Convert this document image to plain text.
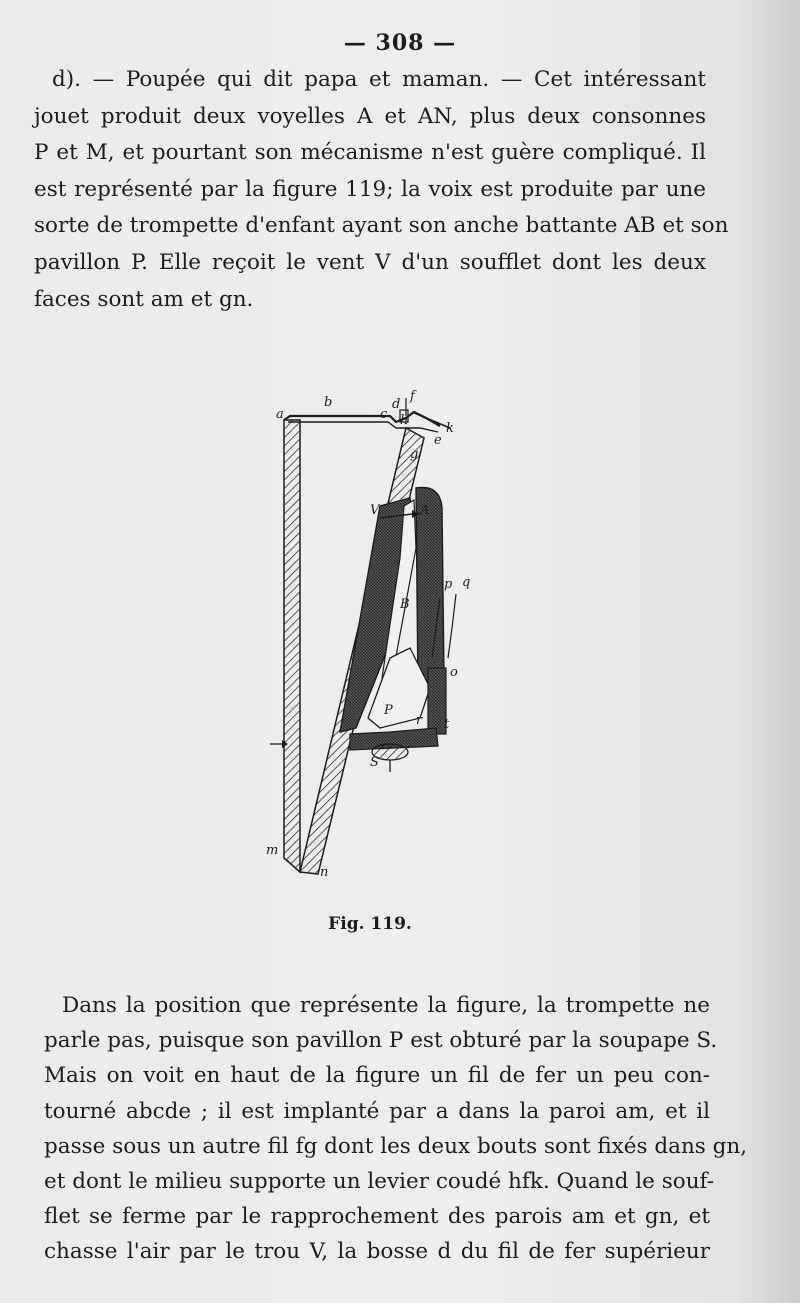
— 308 —
d). — Poupée qui dit papa et maman. — Cet intéressant
jouet produit deux voyelles A et AN, plus deux consonnes
P et M, et pourtant son mécanisme n'est guère compliqué. Il
est représenté par la figure 119; la voix est produite par une
sorte de trompette d'enfant ayant son anche battante AB et son
pavillon P. Elle reçoit le vent V d'un soufflet dont les deux
faces sont am et gn.
a
b
c
d
f
h
k
e
g
V	A
B
p q
o
P
r t
S
m
n
Fig. 119.
Dans la position que représente la figure, la trompette ne
parle pas, puisque son pavillon P est obturé par la soupape S.
Mais on voit en haut de la figure un fil de fer un peu con-
tourné abcde ; il est implanté par a dans la paroi am, et il
passe sous un autre fil fg dont les deux bouts sont fixés dans gn,
et dont le milieu supporte un levier coudé hfk. Quand le souf-
flet se ferme par le rapprochement des parois am et gn, et
chasse l'air par le trou V, la bosse d du fil de fer supérieur
